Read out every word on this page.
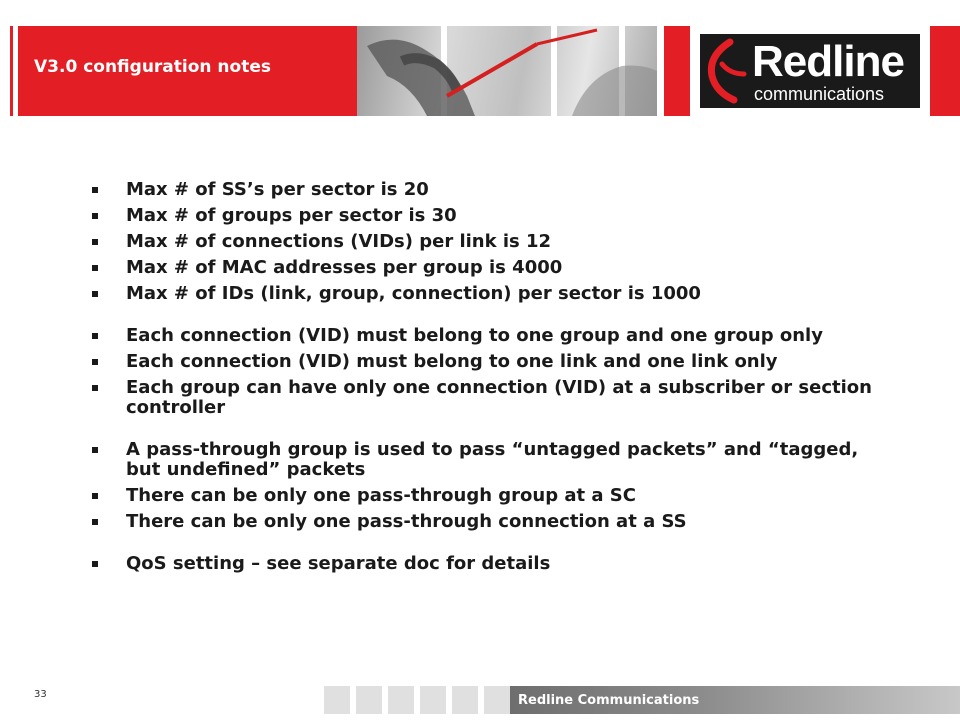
V3.0 configuration notes	Redline
communications
Max # of SS’s per sector is 20
Max # of groups per sector is 30
Max # of connections (VIDs) per link is 12
Max # of MAC addresses per group is 4000
Max # of IDs (link, group, connection) per sector is 1000
Each connection (VID) must belong to one group and one group only
Each connection (VID) must belong to one link and one link only
Each group can have only one connection (VID) at a subscriber or section controller
A pass-through group is used to pass “untagged packets” and “tagged, but undefined” packets
There can be only one pass-through group at a SC
There can be only one pass-through connection at a SS
QoS setting – see separate doc for details
33	Redline Communications
